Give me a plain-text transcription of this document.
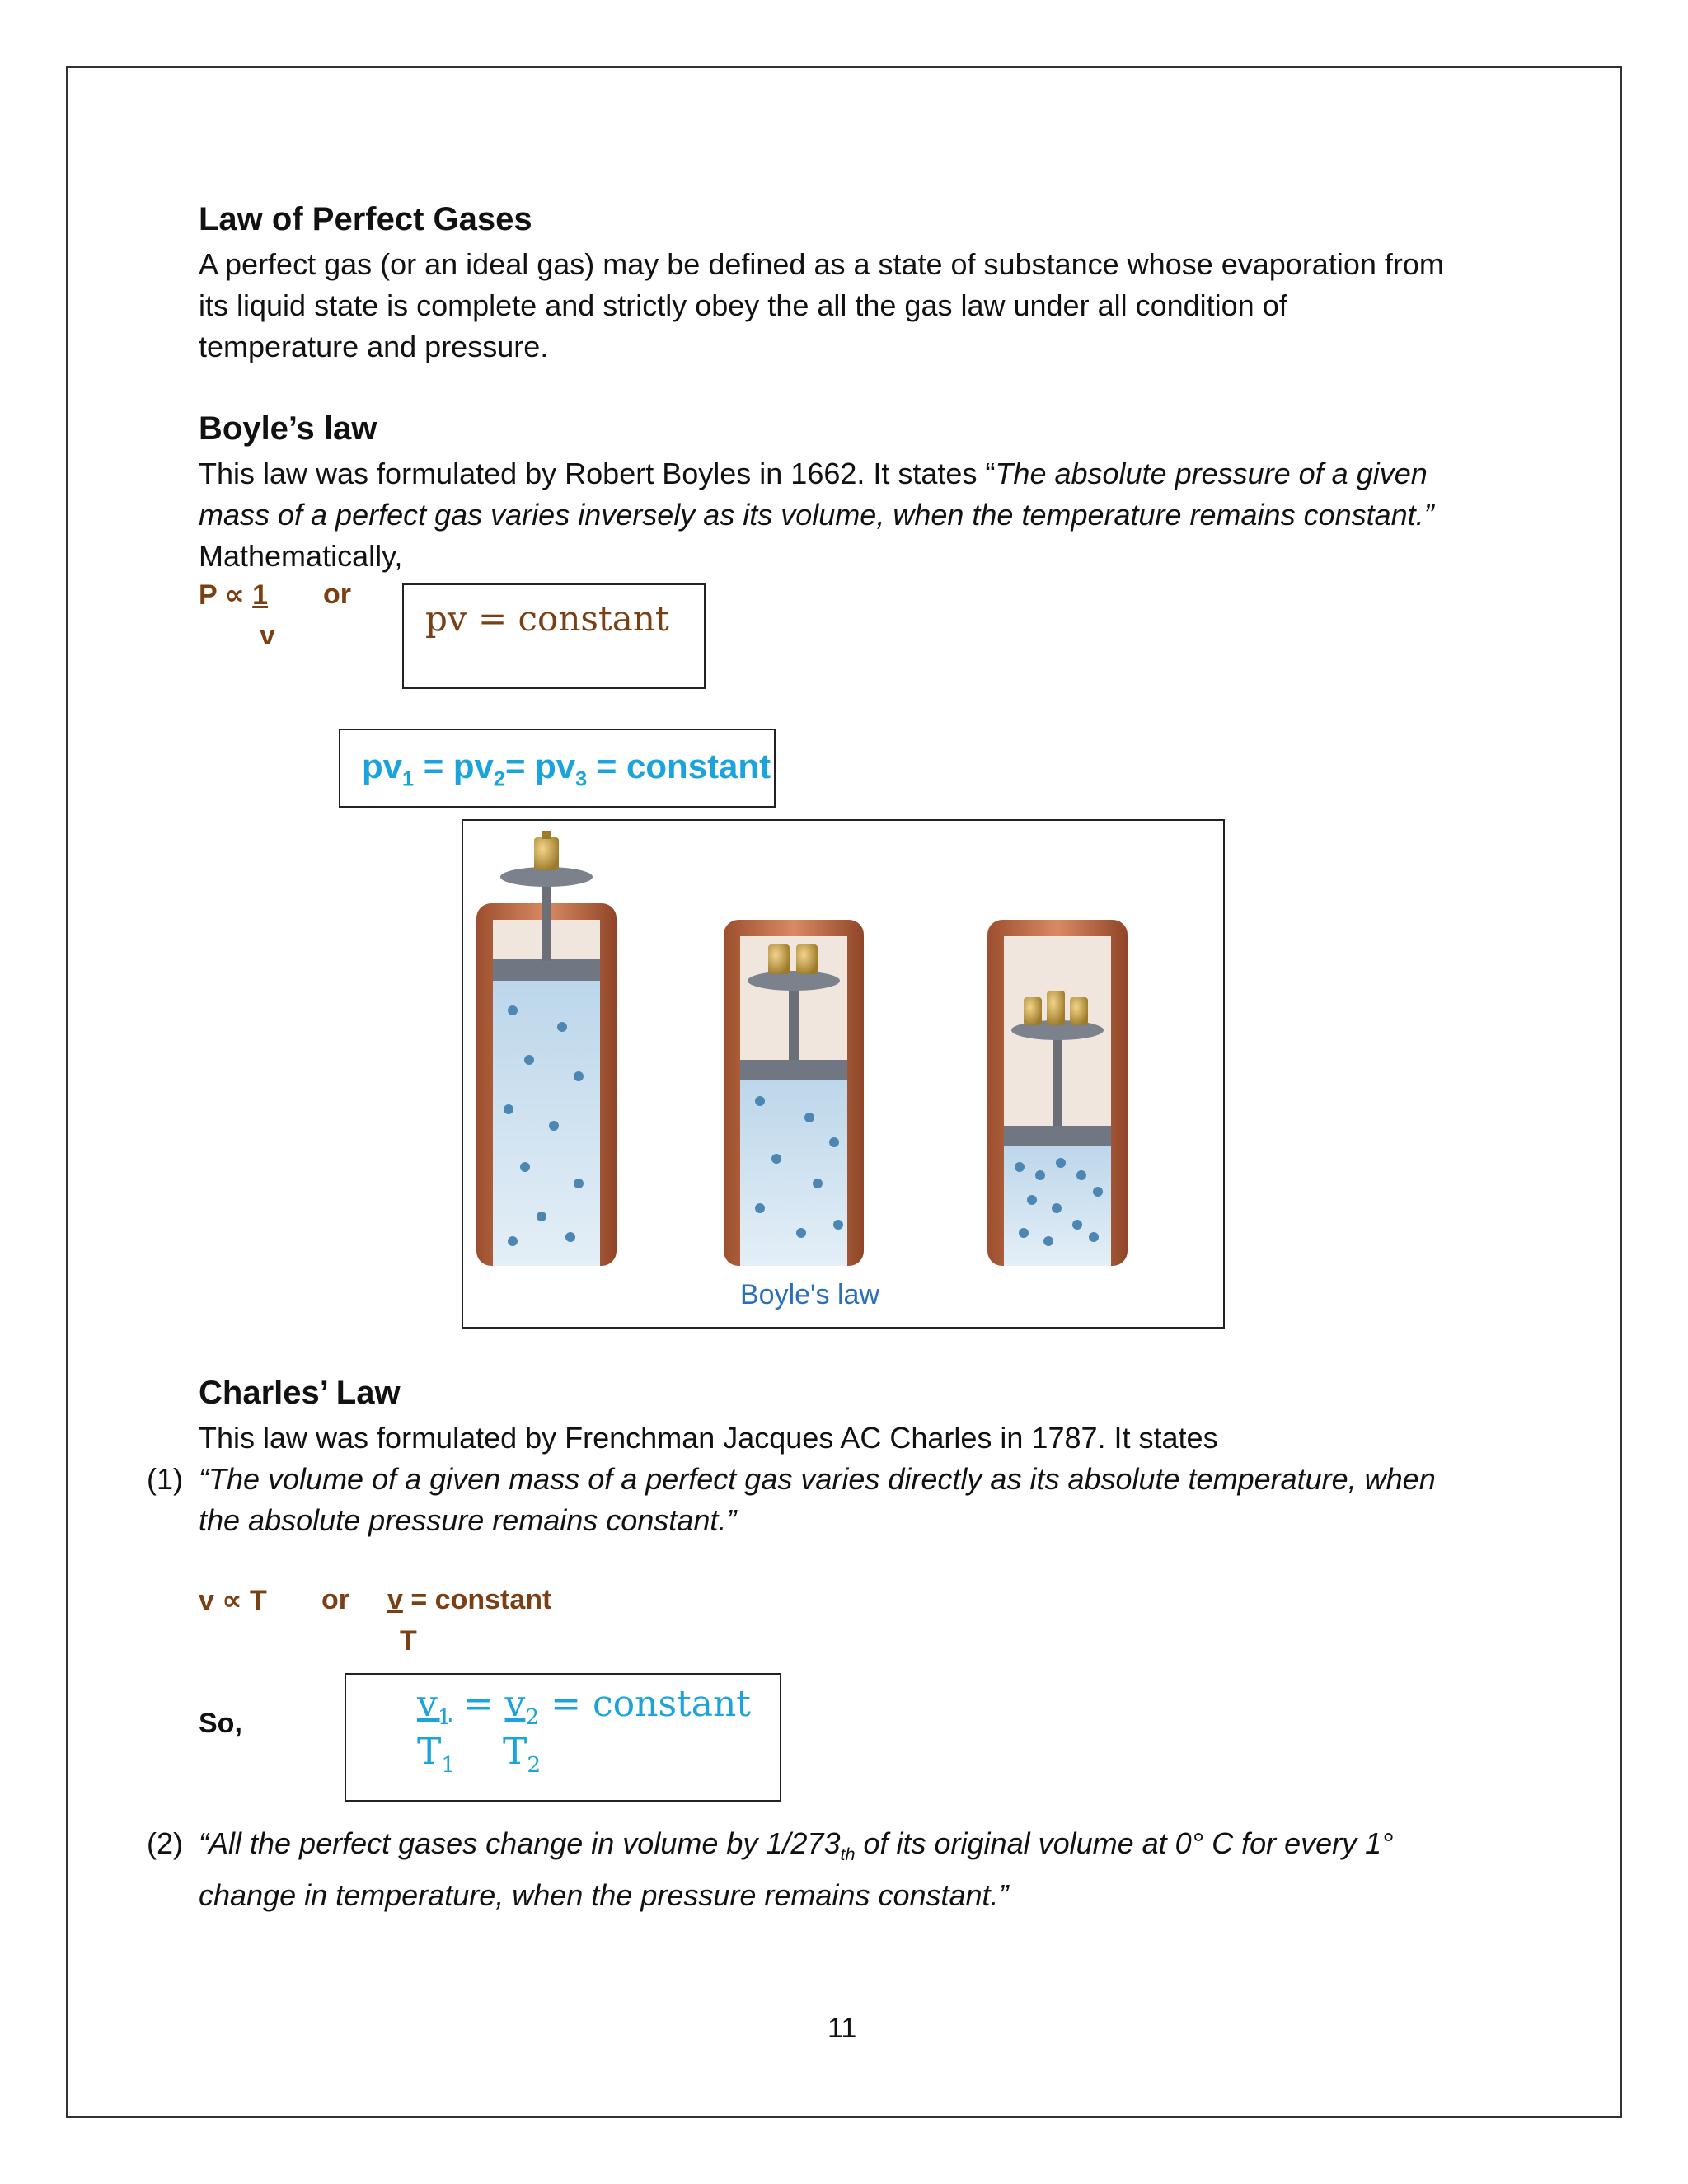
Law of Perfect Gases
A perfect gas (or an ideal gas) may be defined as a state of substance whose evaporation from
its liquid state is complete and strictly obey the all the gas law under all condition of
temperature and pressure.
Boyle’s law
This law was formulated by Robert Boyles in 1662. It states “The absolute pressure of a given
mass of a perfect gas varies inversely as its volume, when the temperature remains constant.”
Mathematically,
P ∝ 1
v
or
pv = constant
$pv_1 = pv_2= pv_3$ = constant
Boyle's law
Charles’ Law
This law was formulated by Frenchman Jacques AC Charles in 1787. It states
(1) “The volume of a given mass of a perfect gas varies directly as its absolute temperature, when
the absolute pressure remains constant.”
v ∝ T or v = constant
T
So,	$v_1 = v_2$ = constant
$T_1$ $T_2$
(2) “All the perfect gases change in volume by $1/273_{th}$ of its original volume at 0° C for every 1°
change in temperature, when the pressure remains constant.”
11
